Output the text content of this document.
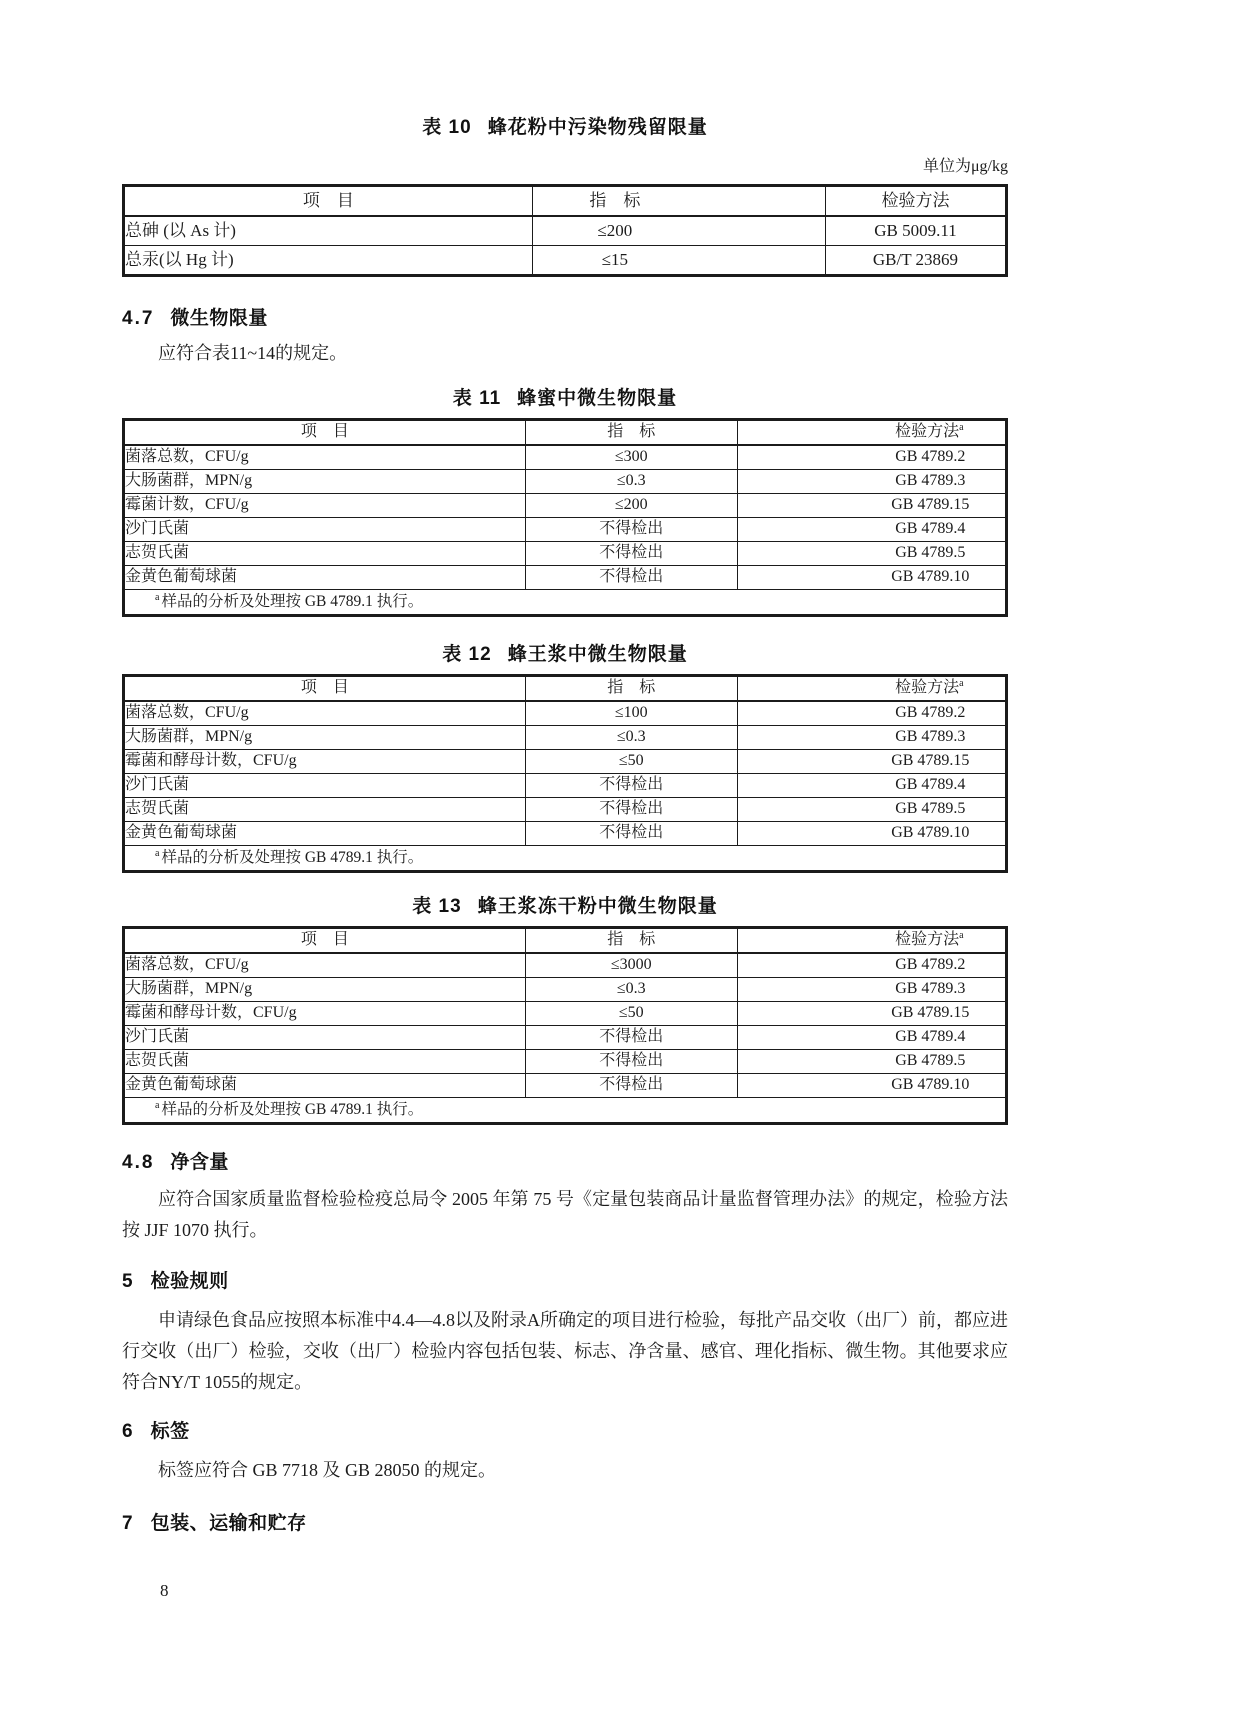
表 10 蜂花粉中污染物残留限量
单位为μg/kg
项　目	指　标	检验方法
总砷 (以 As 计)	≤200	GB 5009.11
总汞(以 Hg 计)	≤15	GB/T 23869
4.7 微生物限量

应符合表11~14的规定。

表 11 蜂蜜中微生物限量
项　目	指　标	检验方法$^a$
菌落总数，CFU/g	≤300	GB 4789.2
大肠菌群，MPN/g	≤0.3	GB 4789.3
霉菌计数，CFU/g	≤200	GB 4789.15
沙门氏菌	不得检出	GB 4789.4
志贺氏菌	不得检出	GB 4789.5
金黄色葡萄球菌	不得检出	GB 4789.10
$^a$ 样品的分析及处理按 GB 4789.1 执行。		
表 12 蜂王浆中微生物限量
项　目	指　标	检验方法$^a$
菌落总数，CFU/g	≤100	GB 4789.2
大肠菌群，MPN/g	≤0.3	GB 4789.3
霉菌和酵母计数，CFU/g	≤50	GB 4789.15
沙门氏菌	不得检出	GB 4789.4
志贺氏菌	不得检出	GB 4789.5
金黄色葡萄球菌	不得检出	GB 4789.10
$^a$ 样品的分析及处理按 GB 4789.1 执行。		
表 13 蜂王浆冻干粉中微生物限量
项　目	指　标	检验方法$^a$
菌落总数，CFU/g	≤3000	GB 4789.2
大肠菌群，MPN/g	≤0.3	GB 4789.3
霉菌和酵母计数，CFU/g	≤50	GB 4789.15
沙门氏菌	不得检出	GB 4789.4
志贺氏菌	不得检出	GB 4789.5
金黄色葡萄球菌	不得检出	GB 4789.10
$^a$ 样品的分析及处理按 GB 4789.1 执行。		
4.8 净含量

应符合国家质量监督检验检疫总局令 2005 年第 75 号《定量包装商品计量监督管理办法》的规定，检验方法按 JJF 1070 执行。

5 检验规则

申请绿色食品应按照本标准中4.4—4.8以及附录A所确定的项目进行检验，每批产品交收（出厂）前，都应进行交收（出厂）检验，交收（出厂）检验内容包括包装、标志、净含量、感官、理化指标、微生物。其他要求应符合NY/T 1055的规定。

6 标签

标签应符合 GB 7718 及 GB 28050 的规定。

7 包装、运输和贮存
8
